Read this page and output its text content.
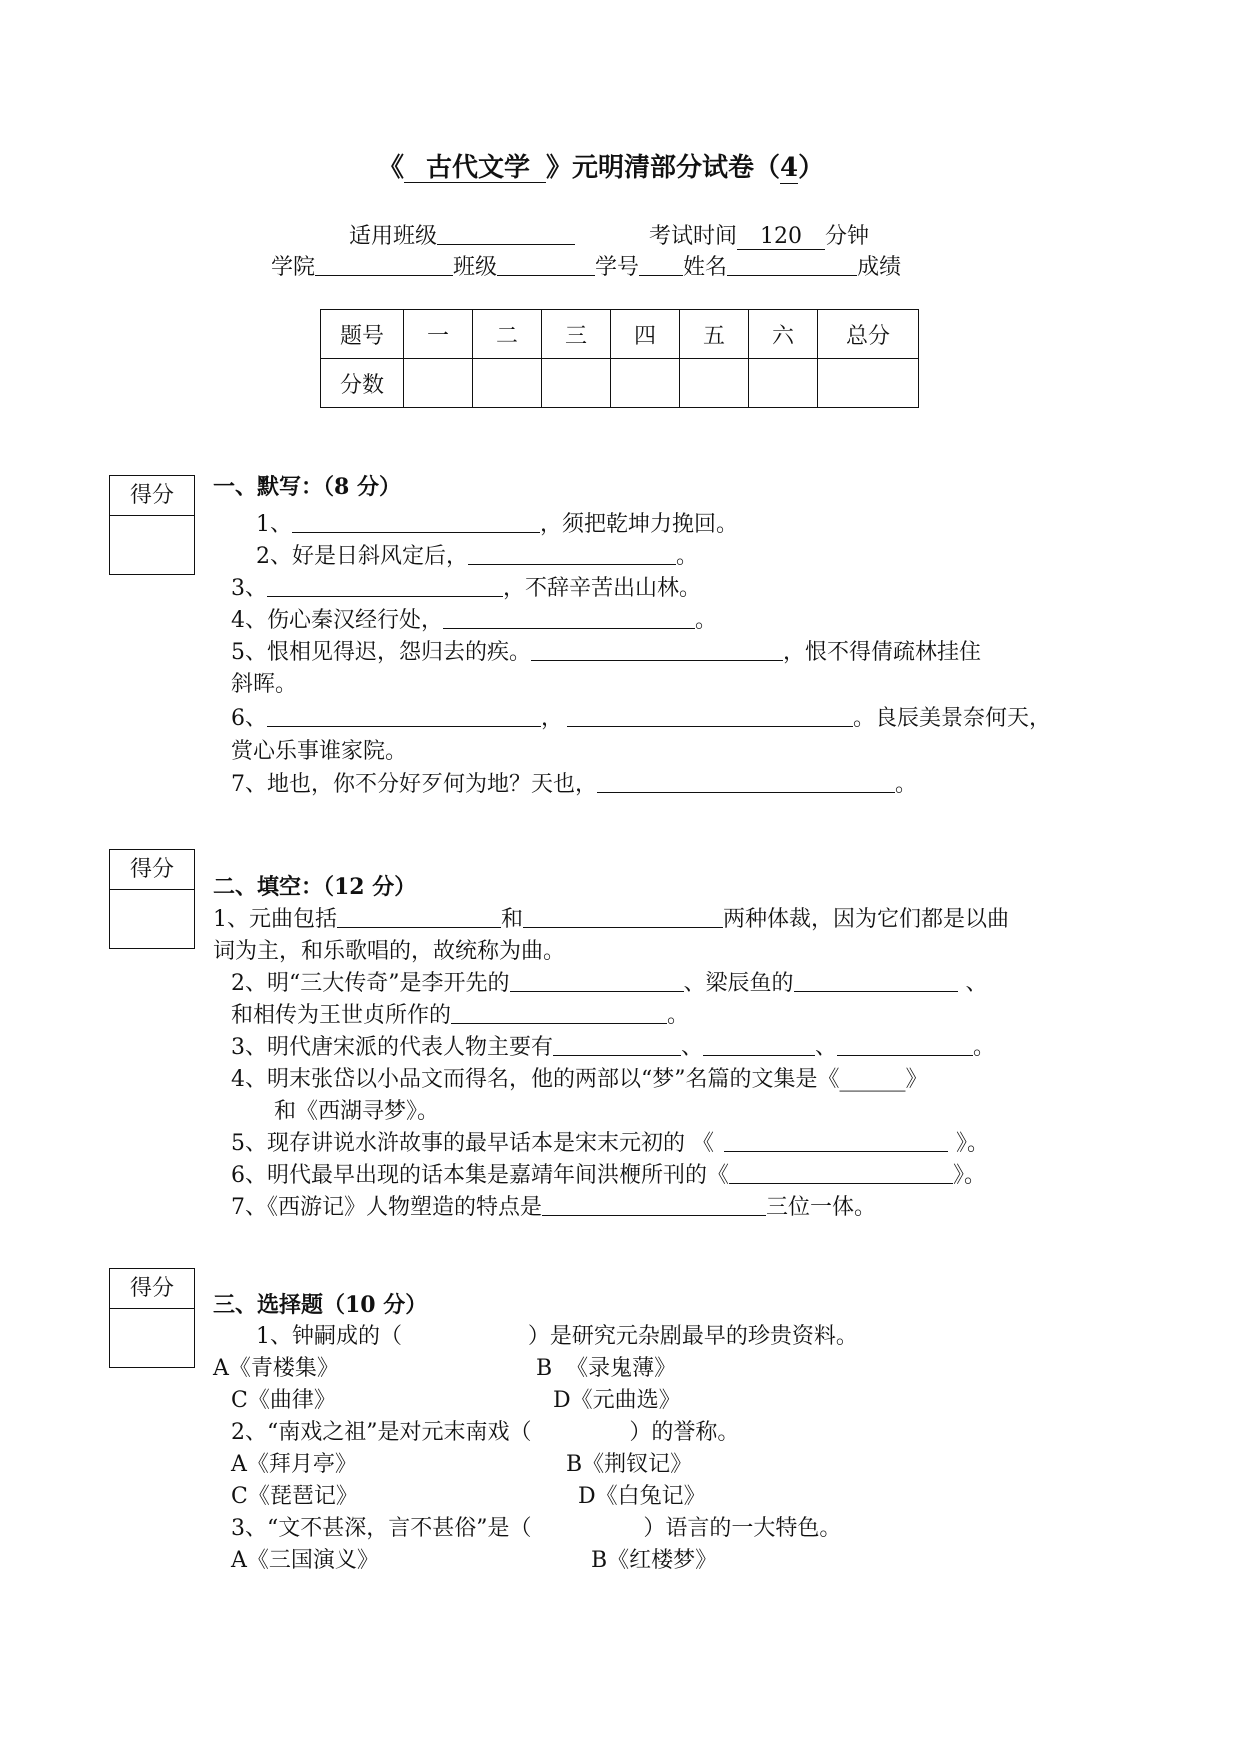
《 古代文学 》元明清部分试卷（4）
适用班级	考试时间 120 分钟
学院	班级	学号 姓名	成绩
题号	一	二	三	四	五	六	总分
分数							
得分
得分
得分
一、默写：（8 分）
1、	，须把乾坤力挽回。
2、好是日斜风定后，	。
3、	，不辞辛苦出山林。
4、伤心秦汉经行处，	。
5、恨相见得迟，怨归去的疾。	，恨不得倩疏林挂住
斜晖。
6、	，	。良辰美景奈何天，
赏心乐事谁家院。
7、地也，你不分好歹何为地？天也，	。
二、填空：（12 分）
1、元曲包括	和	两种体裁，因为它们都是以曲
词为主，和乐歌唱的，故统称为曲。
2、明“三大传奇”是李开先的	、梁辰鱼的	、
和相传为王世贞所作的	。
3、明代唐宋派的代表人物主要有	、	、	。
4、明末张岱以小品文而得名，他的两部以“梦”名篇的文集是《______》
和《西湖寻梦》。
5、现存讲说水浒故事的最早话本是宋末元初的 《	》。
6、明代最早出现的话本集是嘉靖年间洪楩所刊的《	》。
7、《西游记》人物塑造的特点是	三位一体。
三、选择题（10 分）
1、钟嗣成的（                  ）是研究元杂剧最早的珍贵资料。
A《青楼集》	B  《录鬼薄》
C《曲律》	D《元曲选》
2、“南戏之祖”是对元末南戏（              ）的誉称。
A《拜月亭》	B《荆钗记》
C《琵琶记》	D《白兔记》
3、“文不甚深，言不甚俗”是（                ）语言的一大特色。
A《三国演义》	B《红楼梦》
